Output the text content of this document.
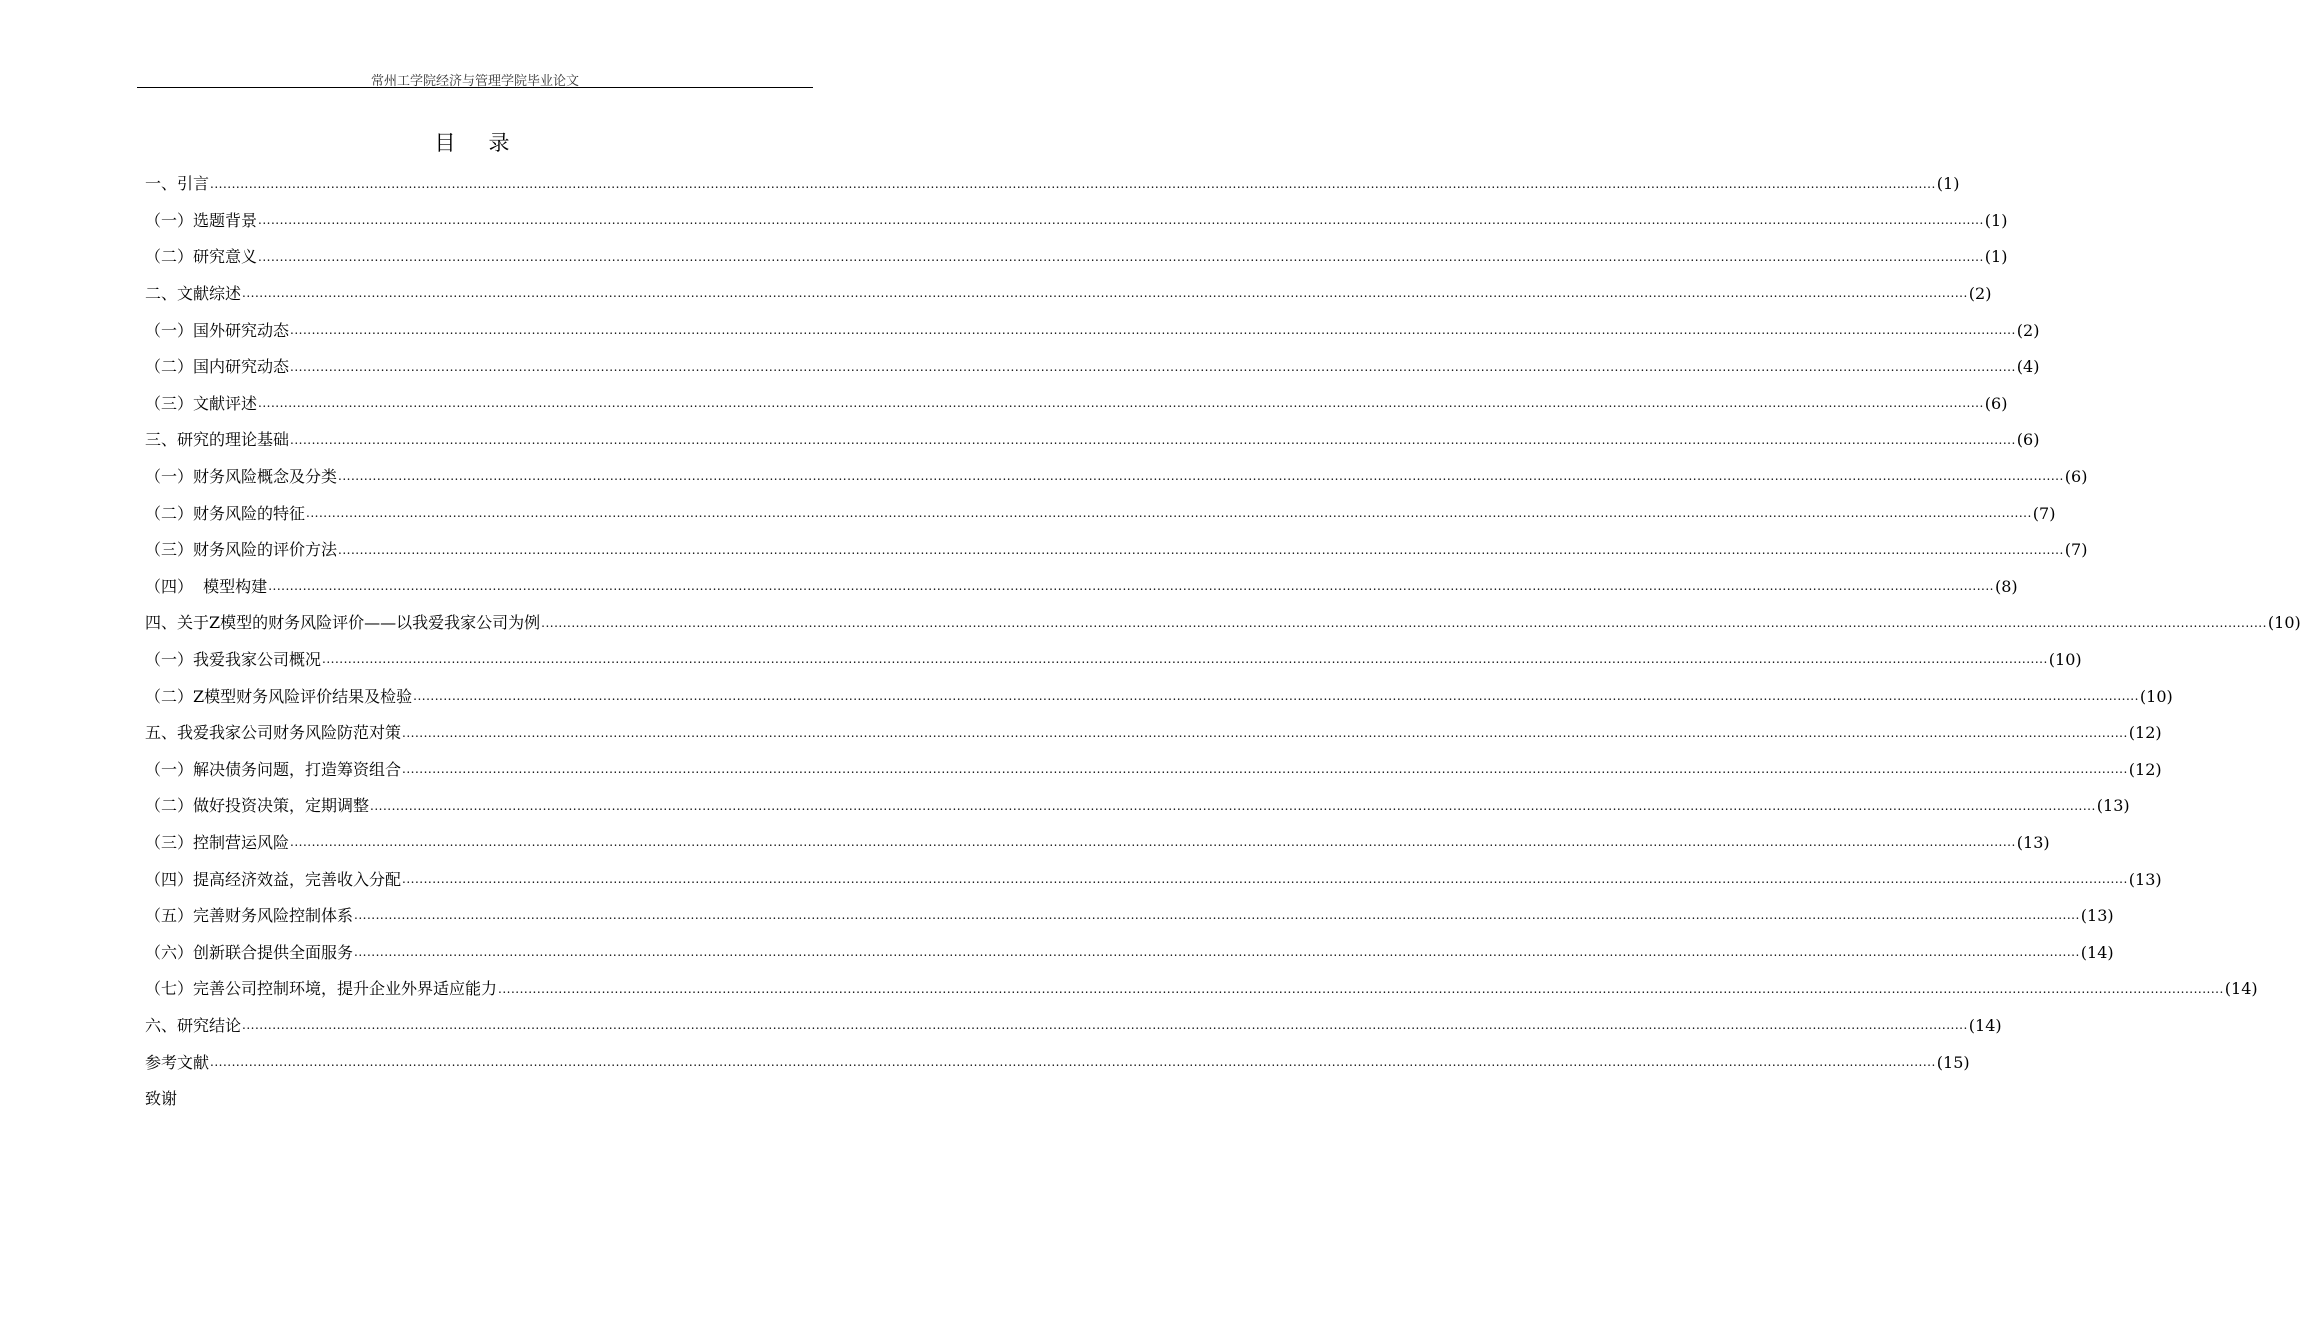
常州工学院经济与管理学院毕业论文
目　录
一、引言 ................................................................................................................................................................................................................................................................................................................................................................................................................ (1)
（一）选题背景 ................................................................................................................................................................................................................................................................................................................................................................................................................ (1)
（二）研究意义 ................................................................................................................................................................................................................................................................................................................................................................................................................ (1)
二、文献综述 ................................................................................................................................................................................................................................................................................................................................................................................................................ (2)
（一）国外研究动态 ................................................................................................................................................................................................................................................................................................................................................................................................................ (2)
（二）国内研究动态 ................................................................................................................................................................................................................................................................................................................................................................................................................ (4)
（三）文献评述 ................................................................................................................................................................................................................................................................................................................................................................................................................ (6)
三、研究的理论基础 ................................................................................................................................................................................................................................................................................................................................................................................................................ (6)
（一）财务风险概念及分类 ................................................................................................................................................................................................................................................................................................................................................................................................................ (6)
（二）财务风险的特征 ................................................................................................................................................................................................................................................................................................................................................................................................................ (7)
（三）财务风险的评价方法 ................................................................................................................................................................................................................................................................................................................................................................................................................ (7)
（四）  模型构建 ................................................................................................................................................................................................................................................................................................................................................................................................................ (8)
四、关于Z模型的财务风险评价——以我爱我家公司为例 ................................................................................................................................................................................................................................................................................................................................................................................................................ (10)
（一）我爱我家公司概况 ................................................................................................................................................................................................................................................................................................................................................................................................................ (10)
（二）Z模型财务风险评价结果及检验 ................................................................................................................................................................................................................................................................................................................................................................................................................ (10)
五、我爱我家公司财务风险防范对策 ................................................................................................................................................................................................................................................................................................................................................................................................................ (12)
（一）解决债务问题，打造筹资组合 ................................................................................................................................................................................................................................................................................................................................................................................................................ (12)
（二）做好投资决策，定期调整 ................................................................................................................................................................................................................................................................................................................................................................................................................ (13)
（三）控制营运风险 ................................................................................................................................................................................................................................................................................................................................................................................................................ (13)
（四）提高经济效益，完善收入分配 ................................................................................................................................................................................................................................................................................................................................................................................................................ (13)
（五）完善财务风险控制体系 ................................................................................................................................................................................................................................................................................................................................................................................................................ (13)
（六）创新联合提供全面服务 ................................................................................................................................................................................................................................................................................................................................................................................................................ (14)
（七）完善公司控制环境，提升企业外界适应能力 ................................................................................................................................................................................................................................................................................................................................................................................................................ (14)
六、研究结论 ................................................................................................................................................................................................................................................................................................................................................................................................................ (14)
参考文献 ................................................................................................................................................................................................................................................................................................................................................................................................................ (15)
致谢
